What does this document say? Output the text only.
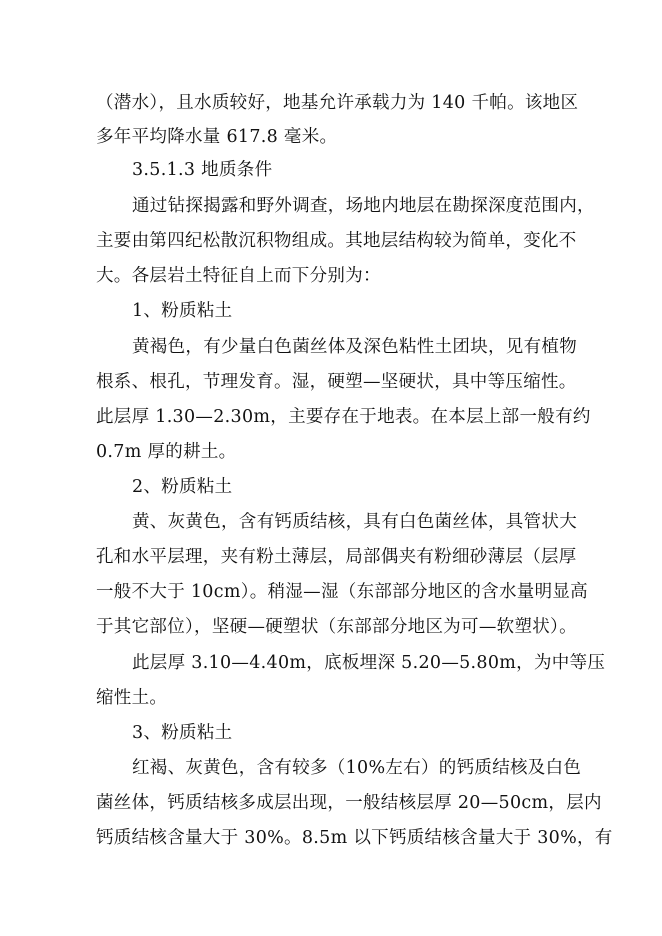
（潜水），且水质较好，地基允许承载力为 140 千帕。该地区
多年平均降水量 617.8 毫米。
3.5.1.3 地质条件
通过钻探揭露和野外调查，场地内地层在勘探深度范围内，
主要由第四纪松散沉积物组成。其地层结构较为简单，变化不
大。各层岩土特征自上而下分别为：
1、粉质粘土
黄褐色，有少量白色菌丝体及深色粘性土团块，见有植物
根系、根孔，节理发育。湿，硬塑—坚硬状，具中等压缩性。
此层厚 1.30—2.30m，主要存在于地表。在本层上部一般有约
0.7m 厚的耕土。
2、粉质粘土
黄、灰黄色，含有钙质结核，具有白色菌丝体，具管状大
孔和水平层理，夹有粉土薄层，局部偶夹有粉细砂薄层（层厚
一般不大于 10cm）。稍湿—湿（东部部分地区的含水量明显高
于其它部位），坚硬—硬塑状（东部部分地区为可—软塑状）。
此层厚 3.10—4.40m，底板埋深 5.20—5.80m，为中等压
缩性土。
3、粉质粘土
红褐、灰黄色，含有较多（10%左右）的钙质结核及白色
菌丝体，钙质结核多成层出现，一般结核层厚 20—50cm，层内
钙质结核含量大于 30%。8.5m 以下钙质结核含量大于 30%，有
